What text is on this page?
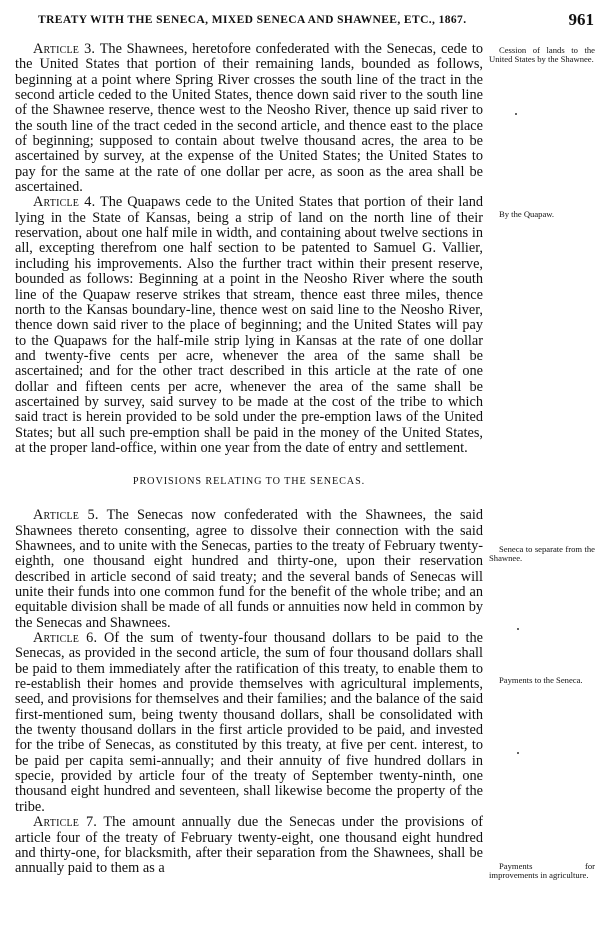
TREATY WITH THE SENECA, MIXED SENECA AND SHAWNEE, ETC., 1867.	961

Article 3. The Shawnees, heretofore confederated with the Senecas, cede to the United States that portion of their remaining lands, bounded as follows, beginning at a point where Spring River crosses the south line of the tract in the second article ceded to the United States, thence down said river to the south line of the Shawnee reserve, thence west to the Neosho River, thence up said river to the south line of the tract ceded in the second article, and thence east to the place of beginning; supposed to contain about twelve thousand acres, the area to be ascertained by survey, at the expense of the United States; the United States to pay for the same at the rate of one dollar per acre, as soon as the area shall be ascertained.

Article 4. The Quapaws cede to the United States that portion of their land lying in the State of Kansas, being a strip of land on the north line of their reservation, about one half mile in width, and containing about twelve sections in all, excepting therefrom one half section to be patented to Samuel G. Vallier, including his improvements. Also the further tract within their present reserve, bounded as follows: Beginning at a point in the Neosho River where the south line of the Quapaw reserve strikes that stream, thence east three miles, thence north to the Kansas boundary-line, thence west on said line to the Neosho River, thence down said river to the place of beginning; and the United States will pay to the Quapaws for the half-mile strip lying in Kansas at the rate of one dollar and twenty-five cents per acre, whenever the area of the same shall be ascertained; and for the other tract described in this article at the rate of one dollar and fifteen cents per acre, whenever the area of the same shall be ascertained by survey, said survey to be made at the cost of the tribe to which said tract is herein provided to be sold under the pre-emption laws of the United States; but all such pre-emption shall be paid in the money of the United States, at the proper land-office, within one year from the date of entry and settlement.

PROVISIONS RELATING TO THE SENECAS.

Article 5. The Senecas now confederated with the Shawnees, the said Shawnees thereto consenting, agree to dissolve their connection with the said Shawnees, and to unite with the Senecas, parties to the treaty of February twenty-eighth, one thousand eight hundred and thirty-one, upon their reservation described in article second of said treaty; and the several bands of Senecas will unite their funds into one common fund for the benefit of the whole tribe; and an equitable division shall be made of all funds or annuities now held in common by the Senecas and Shawnees.

Article 6. Of the sum of twenty-four thousand dollars to be paid to the Senecas, as provided in the second article, the sum of four thousand dollars shall be paid to them immediately after the ratification of this treaty, to enable them to re-establish their homes and provide themselves with agricultural implements, seed, and provisions for themselves and their families; and the balance of the said first-mentioned sum, being twenty thousand dollars, shall be consolidated with the twenty thousand dollars in the first article provided to be paid, and invested for the tribe of Senecas, as constituted by this treaty, at five per cent. interest, to be paid per capita semi-annually; and their annuity of five hundred dollars in specie, provided by article four of the treaty of September twenty-ninth, one thousand eight hundred and seventeen, shall likewise become the property of the tribe.

Article 7. The amount annually due the Senecas under the provisions of article four of the treaty of February twenty-eight, one thousand eight hundred and thirty-one, for blacksmith, after their separation from the Shawnees, shall be annually paid to them as a

Cession of lands to the United States by the Shawnee.
By the Quapaw.
Seneca to separate from the Shawnee.
Payments to the Seneca.
Payments for improvements in agriculture.
